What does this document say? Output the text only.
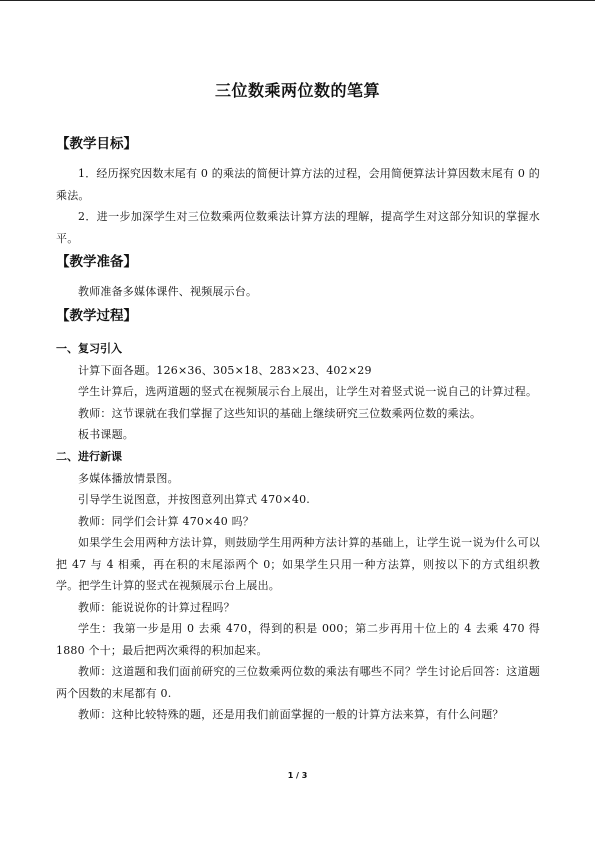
三位数乘两位数的笔算
【教学目标】
1．经历探究因数末尾有 0 的乘法的简便计算方法的过程，会用简便算法计算因数末尾有 0 的乘法。
2．进一步加深学生对三位数乘两位数乘法计算方法的理解，提高学生对这部分知识的掌握水平。
【教学准备】
教师准备多媒体课件、视频展示台。
【教学过程】
一、复习引入
计算下面各题。126×36、305×18、283×23、402×29
学生计算后，选两道题的竖式在视频展示台上展出，让学生对着竖式说一说自己的计算过程。
教师：这节课就在我们掌握了这些知识的基础上继续研究三位数乘两位数的乘法。
板书课题。
二、进行新课
多媒体播放情景图。
引导学生说图意，并按图意列出算式 470×40.
教师：同学们会计算 470×40 吗？
如果学生会用两种方法计算，则鼓励学生用两种方法计算的基础上，让学生说一说为什么可以把 47 与 4 相乘，再在积的末尾添两个 0；如果学生只用一种方法算，则按以下的方式组织教学。把学生计算的竖式在视频展示台上展出。
教师：能说说你的计算过程吗？
学生：我第一步是用 0 去乘 470，得到的积是 000；第二步再用十位上的 4 去乘 470 得 1880 个十；最后把两次乘得的积加起来。
教师：这道题和我们面前研究的三位数乘两位数的乘法有哪些不同？学生讨论后回答：这道题两个因数的末尾都有 0.
教师：这种比较特殊的题，还是用我们前面掌握的一般的计算方法来算，有什么问题？
1 / 3
